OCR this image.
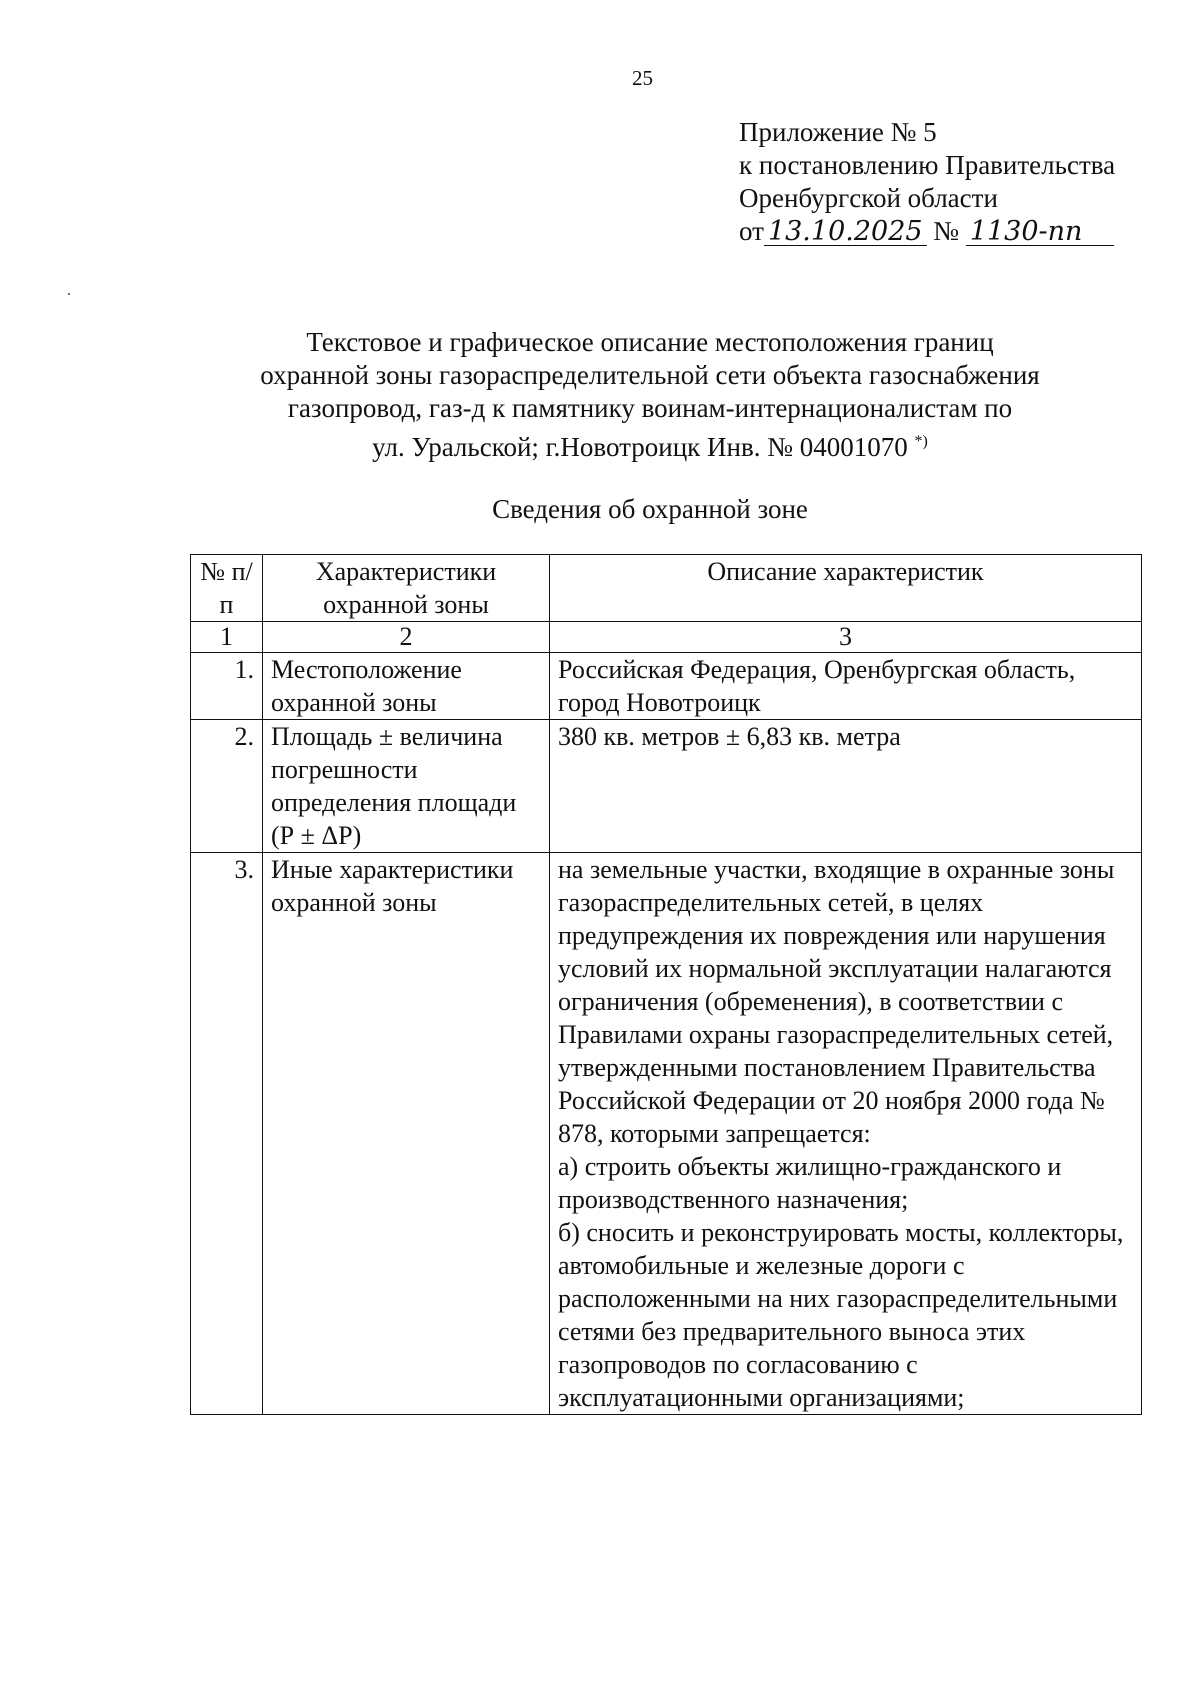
25
Приложение № 5
к постановлению Правительства
Оренбургской области
от 13.10.2025 № 1130-пп
Текстовое и графическое описание местоположения границ
охранной зоны газораспределительной сети объекта газоснабжения
газопровод, газ-д к памятнику воинам-интернационалистам по
ул. Уральской; г.Новотроицк Инв. № 04001070 *)
Сведения об охранной зоне
№ п/п	Характеристики охранной зоны	Описание характеристик
1	2	3
1.	Местоположение охранной зоны	Российская Федерация, Оренбургская область, город Новотроицк
2.	Площадь ± величина погрешности определения площади (Р ± ΔР)	380 кв. метров ± 6,83 кв. метра
3.	Иные характеристики охранной зоны	на земельные участки, входящие в охранные зоны газораспределительных сетей, в целях предупреждения их повреждения или нарушения условий их нормальной эксплуатации налагаются ограничения (обременения), в соответствии с Правилами охраны газораспределительных сетей, утвержденными постановлением Правительства Российской Федерации от 20 ноября 2000 года № 878, которыми запрещается:
а) строить объекты жилищно-гражданского и производственного назначения;
б) сносить и реконструировать мосты, коллекторы, автомобильные и железные дороги с расположенными на них газораспределительными сетями без предварительного выноса этих газопроводов по согласованию с эксплуатационными организациями;
